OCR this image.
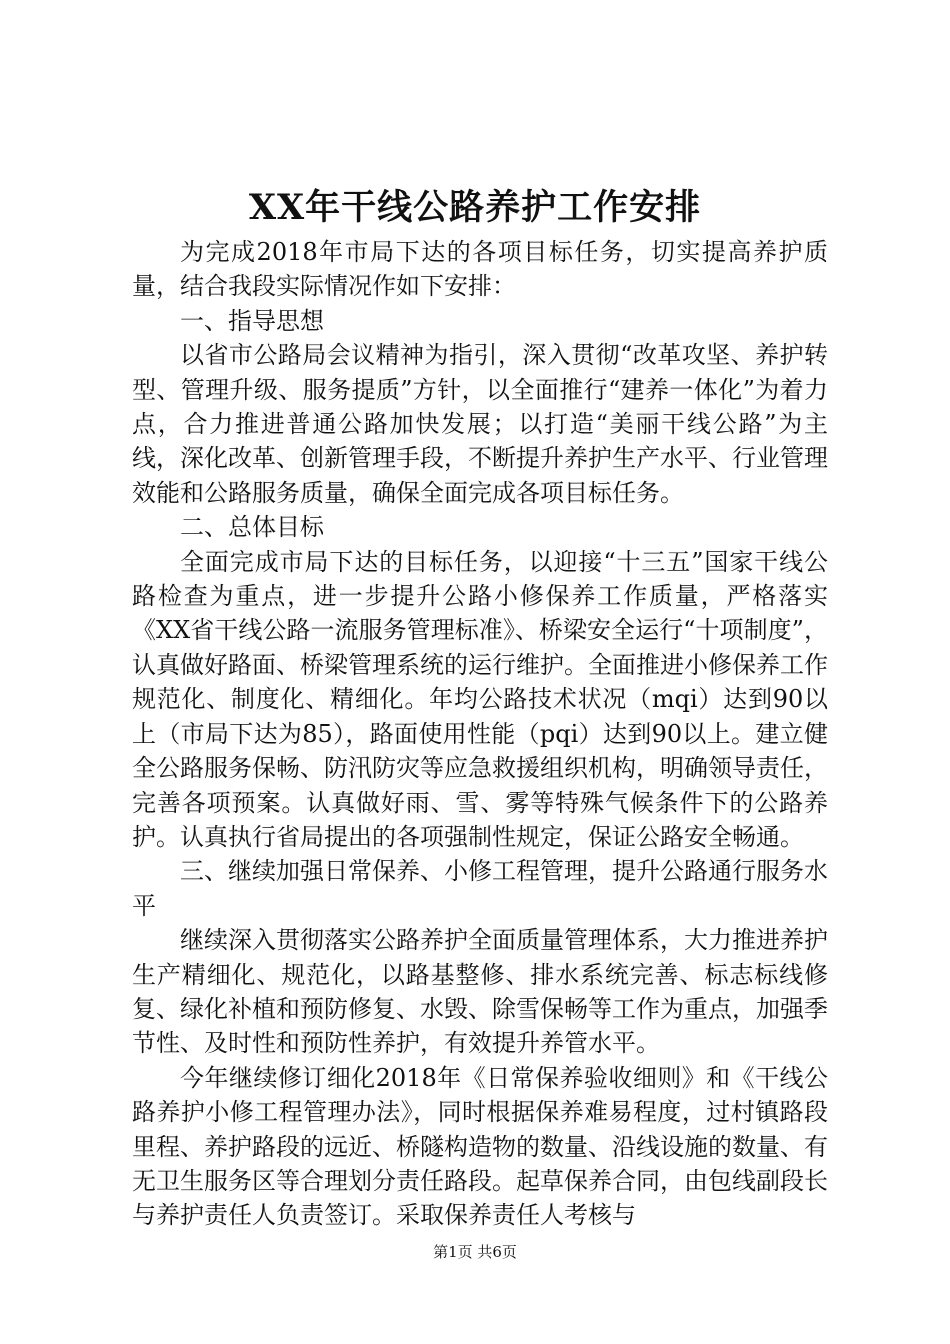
XX年干线公路养护工作安排

为完成2018年市局下达的各项目标任务，切实提高养护质量，结合我段实际情况作如下安排：

一、指导思想

以省市公路局会议精神为指引，深入贯彻“改革攻坚、养护转型、管理升级、服务提质”方针，以全面推行“建养一体化”为着力点，合力推进普通公路加快发展；以打造“美丽干线公路”为主线，深化改革、创新管理手段，不断提升养护生产水平、行业管理效能和公路服务质量，确保全面完成各项目标任务。

二、总体目标

全面完成市局下达的目标任务，以迎接“十三五”国家干线公路检查为重点，进一步提升公路小修保养工作质量，严格落实《XX省干线公路一流服务管理标准》、桥梁安全运行“十项制度”，认真做好路面、桥梁管理系统的运行维护。全面推进小修保养工作规范化、制度化、精细化。年均公路技术状况（mqi）达到90以上（市局下达为85），路面使用性能（pqi）达到90以上。建立健全公路服务保畅、防汛防灾等应急救援组织机构，明确领导责任，完善各项预案。认真做好雨、雪、雾等特殊气候条件下的公路养护。认真执行省局提出的各项强制性规定，保证公路安全畅通。

三、继续加强日常保养、小修工程管理，提升公路通行服务水平

继续深入贯彻落实公路养护全面质量管理体系，大力推进养护生产精细化、规范化，以路基整修、排水系统完善、标志标线修复、绿化补植和预防修复、水毁、除雪保畅等工作为重点，加强季节性、及时性和预防性养护，有效提升养管水平。

今年继续修订细化2018年《日常保养验收细则》和《干线公路养护小修工程管理办法》，同时根据保养难易程度，过村镇路段里程、养护路段的远近、桥隧构造物的数量、沿线设施的数量、有无卫生服务区等合理划分责任路段。起草保养合同，由包线副段长与养护责任人负责签订。采取保养责任人考核与

第1页 共6页
